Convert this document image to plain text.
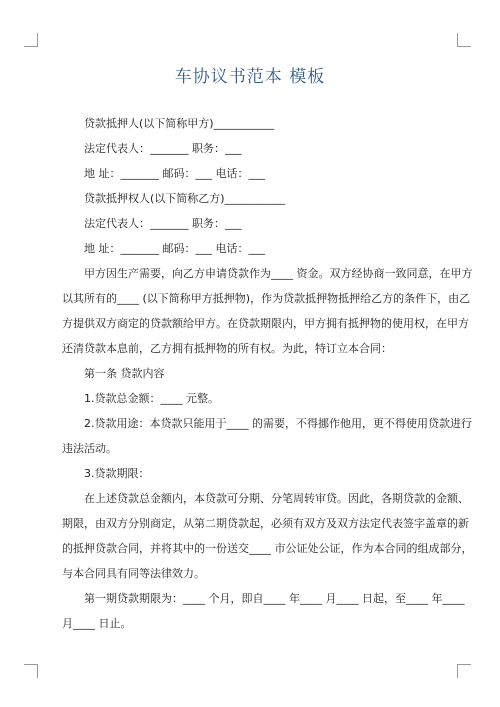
车协议书范本 模板
贷款抵押人(以下简称甲方)___________
法定代表人：_______ 职务：___
地 址：_______ 邮码：___ 电话：___
贷款抵押权人(以下简称乙方)___________
法定代表人：_______ 职务：___
地 址：_______ 邮码：___ 电话：___
甲方因生产需要，向乙方申请贷款作为____ 资金。双方经协商一致同意，在甲方
以其所有的____ (以下简称甲方抵押物)，作为贷款抵押物抵押给乙方的条件下，由乙
方提供双方商定的贷款额给甲方。在贷款期限内，甲方拥有抵押物的使用权，在甲方
还清贷款本息前，乙方拥有抵押物的所有权。为此，特订立本合同：
第一条 贷款内容
1.贷款总金额：____ 元整。
2.贷款用途：本贷款只能用于____ 的需要，不得挪作他用，更不得使用贷款进行
违法活动。
3.贷款期限：
在上述贷款总金额内，本贷款可分期、分笔周转审贷。因此，各期贷款的金额、
期限，由双方分别商定，从第二期贷款起，必须有双方及双方法定代表签字盖章的新
的抵押贷款合同，并将其中的一份送交____ 市公证处公证，作为本合同的组成部分，
与本合同具有同等法律效力。
第一期贷款期限为：____ 个月，即自____ 年____ 月____ 日起，至____ 年____
月____ 日止。
